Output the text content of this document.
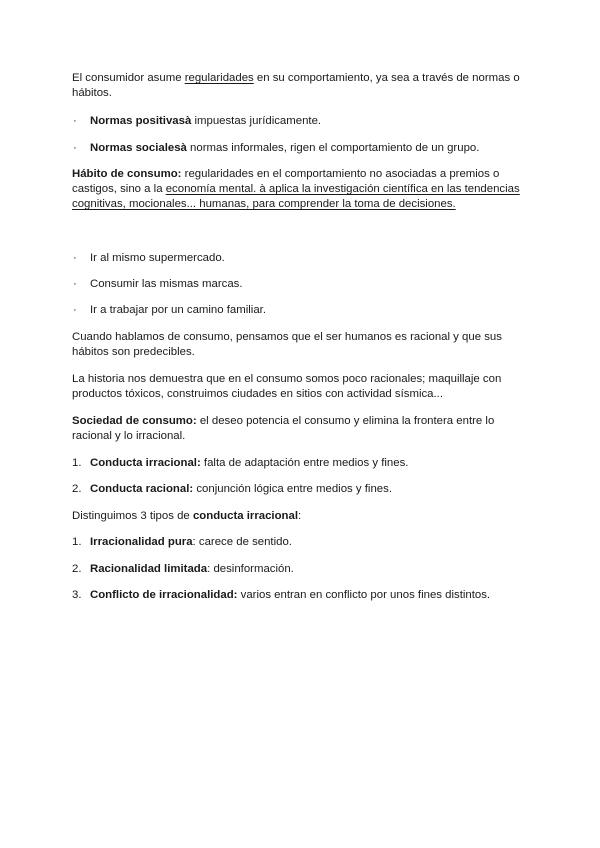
El consumidor asume regularidades en su comportamiento, ya sea a través de normas o hábitos.

· Normas positivasà impuestas jurídicamente.
· Normas socialesà normas informales, rigen el comportamiento de un grupo.

Hábito de consumo: regularidades en el comportamiento no asociadas a premios o castigos, sino a la economía mental. à aplica la investigación científica en las tendencias cognitivas, mocionales... humanas, para comprender la toma de decisiones.

· Ir al mismo supermercado.
· Consumir las mismas marcas.
· Ir a trabajar por un camino familiar.

Cuando hablamos de consumo, pensamos que el ser humanos es racional y que sus hábitos son predecibles.

La historia nos demuestra que en el consumo somos poco racionales; maquillaje con productos tóxicos, construimos ciudades en sitios con actividad sísmica...

Sociedad de consumo: el deseo potencia el consumo y elimina la frontera entre lo racional y lo irracional.

1. Conducta irracional: falta de adaptación entre medios y fines.
2. Conducta racional: conjunción lógica entre medios y fines.

Distinguimos 3 tipos de conducta irracional:

1. Irracionalidad pura: carece de sentido.
2. Racionalidad limitada: desinformación.
3. Conflicto de irracionalidad: varios entran en conflicto por unos fines distintos.
